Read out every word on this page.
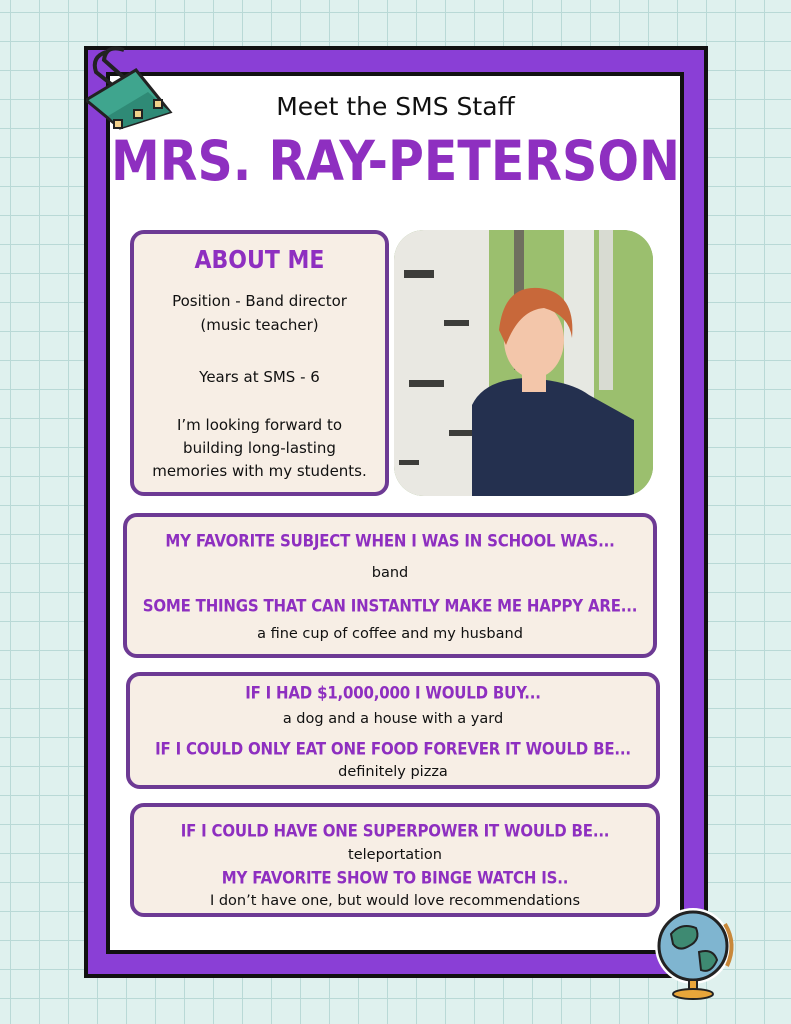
Meet the SMS Staff
MRS. RAY-PETERSON
ABOUT ME

Position - Band director

(music teacher)

Years at SMS - 6

I’m looking forward to

building long-lasting

memories with my students.

MY FAVORITE SUBJECT WHEN I WAS IN SCHOOL WAS...
band
SOME THINGS THAT CAN INSTANTLY MAKE ME HAPPY ARE...
a fine cup of coffee and my husband
IF I HAD $1,000,000 I WOULD BUY...
a dog and a house with a yard
IF I COULD ONLY EAT ONE FOOD FOREVER IT WOULD BE...
definitely pizza
IF I COULD HAVE ONE SUPERPOWER IT WOULD BE...
teleportation
MY FAVORITE SHOW TO BINGE WATCH IS..
I don’t have one, but would love recommendations
